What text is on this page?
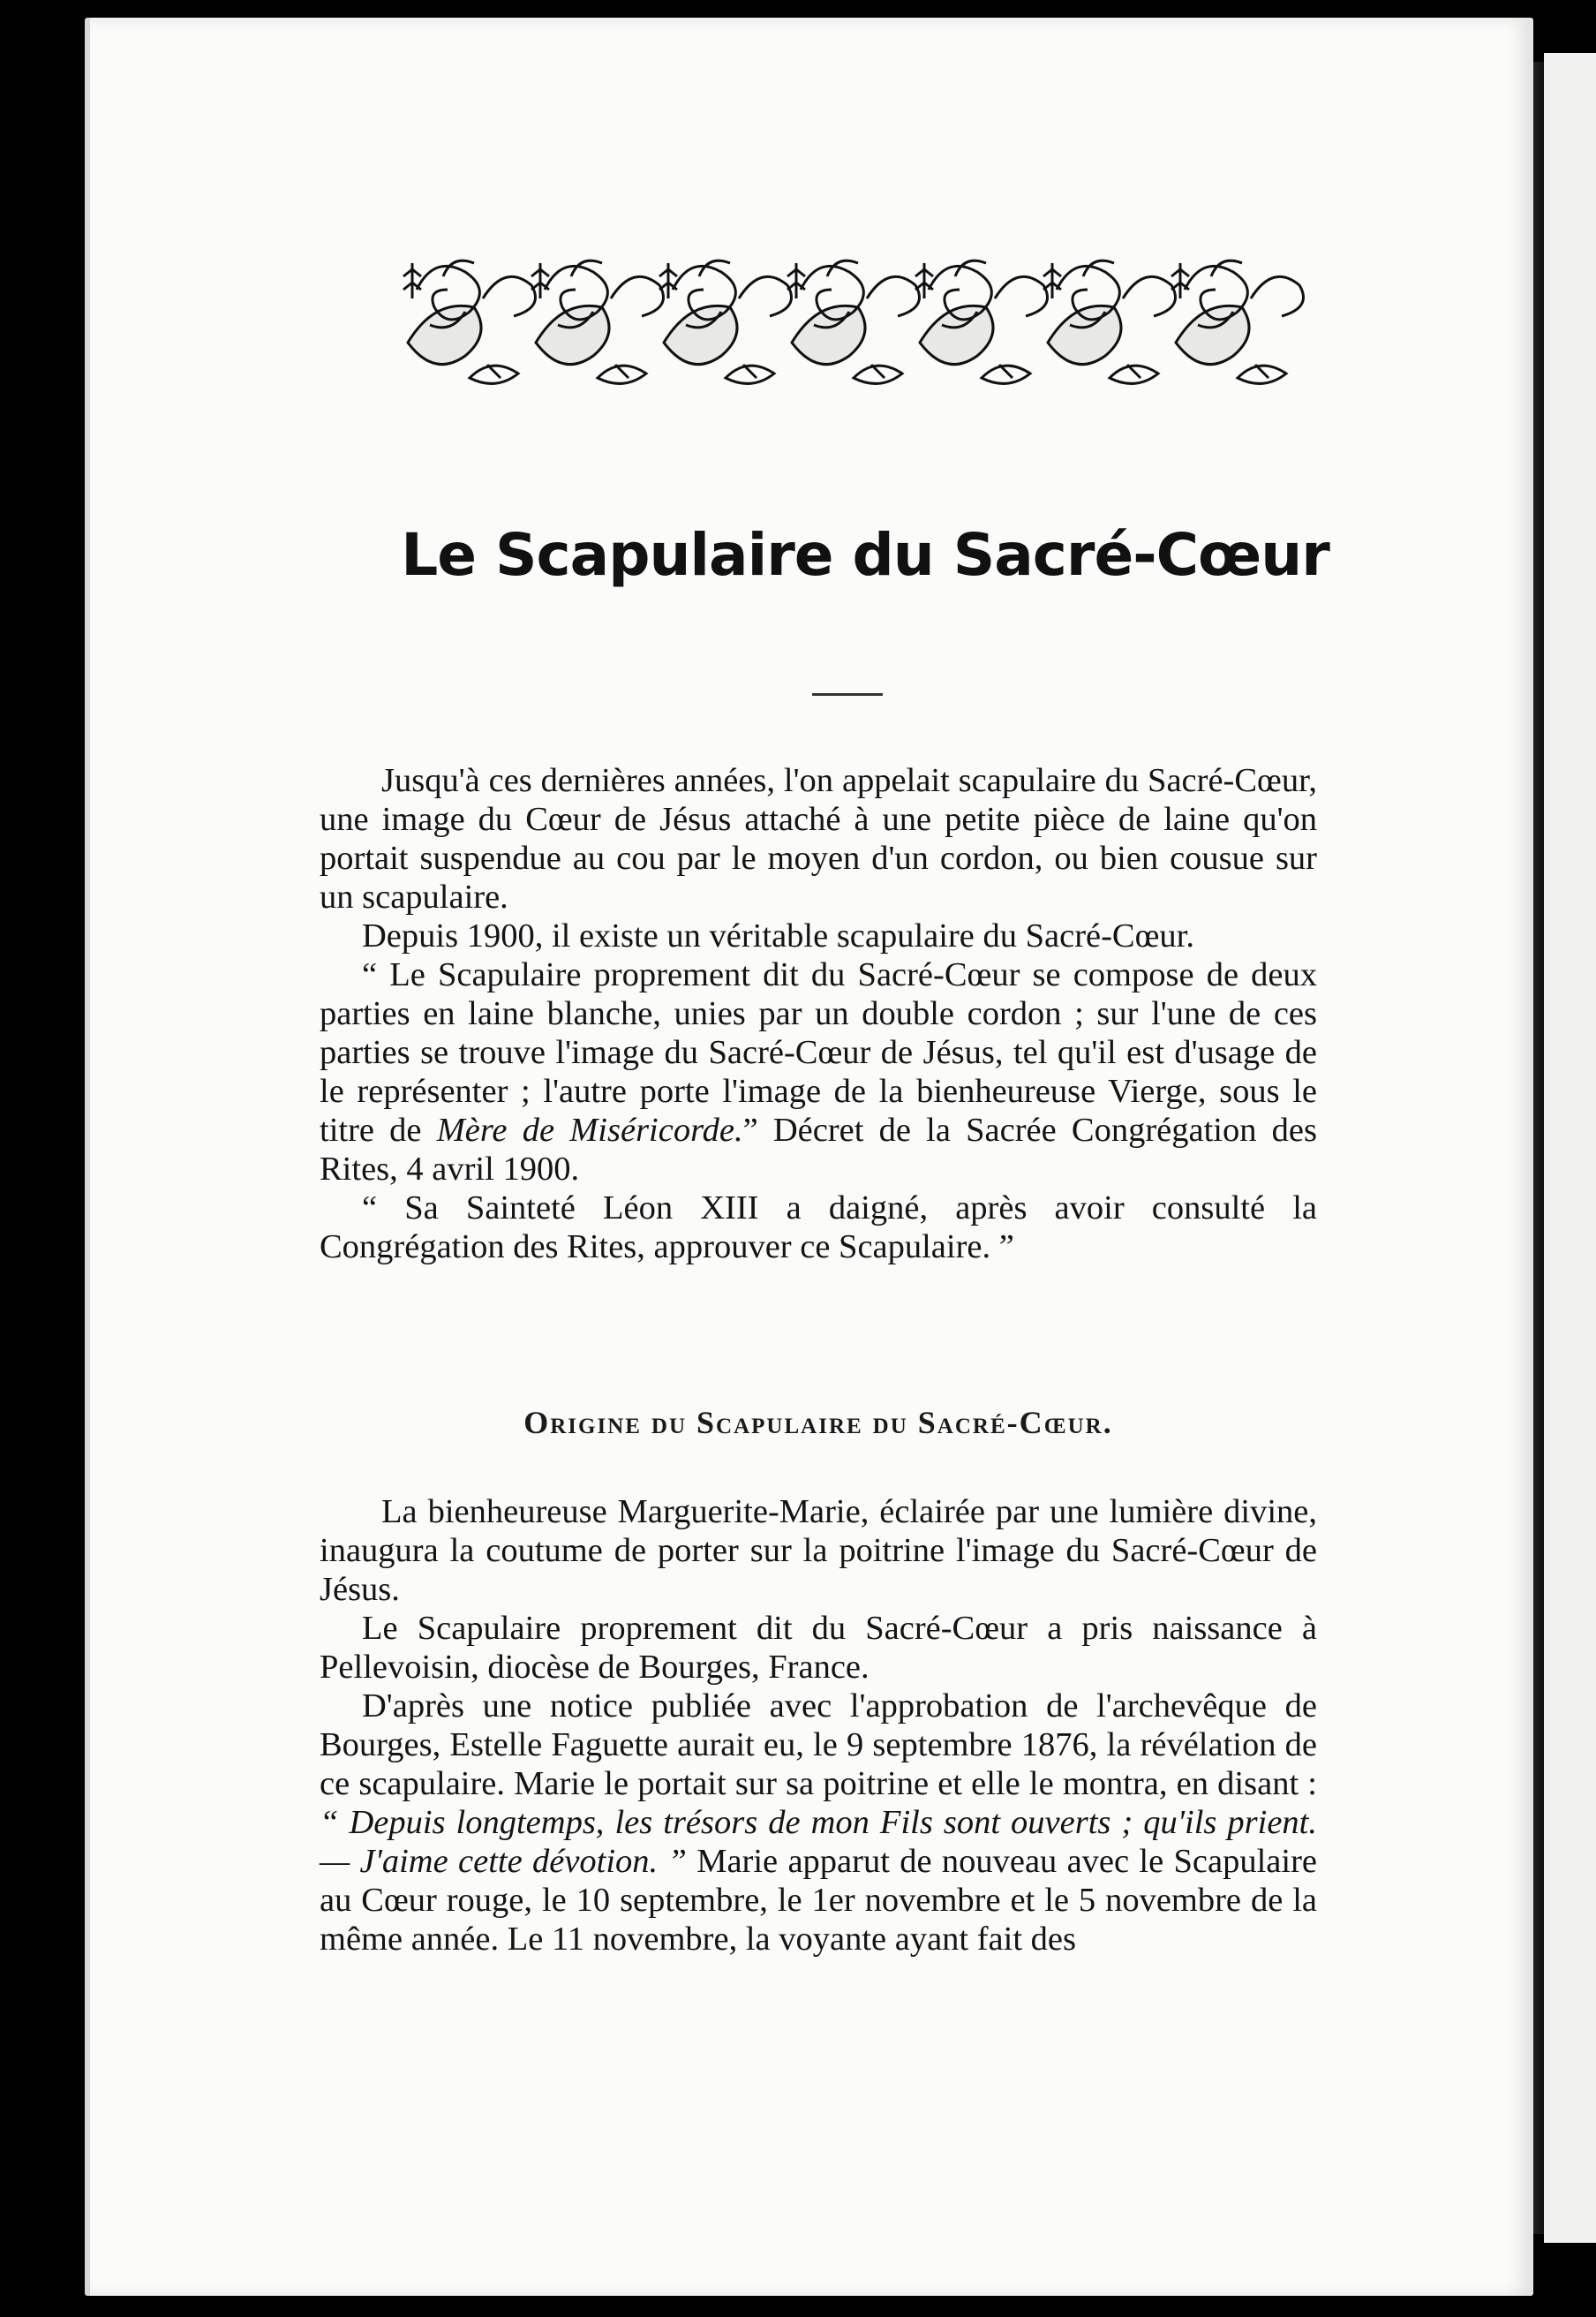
Le Scapulaire du Sacré-Cœur
Jusqu'à ces dernières années, l'on appelait scapulaire du Sacré-Cœur, une image du Cœur de Jésus attaché à une petite pièce de laine qu'on portait suspendue au cou par le moyen d'un cordon, ou bien cousue sur un scapulaire.
Depuis 1900, il existe un véritable scapulaire du Sacré-Cœur.
“ Le Scapulaire proprement dit du Sacré-Cœur se compose de deux parties en laine blanche, unies par un double cordon ; sur l'une de ces parties se trouve l'image du Sacré-Cœur de Jésus, tel qu'il est d'usage de le représenter ; l'autre porte l'image de la bienheureuse Vierge, sous le titre de Mère de Miséricorde.” Décret de la Sacrée Congrégation des Rites, 4 avril 1900.
“ Sa Sainteté Léon XIII a daigné, après avoir consulté la Congrégation des Rites, approuver ce Scapulaire. ”
Origine du Scapulaire du Sacré-Cœur.
La bienheureuse Marguerite-Marie, éclairée par une lumière divine, inaugura la coutume de porter sur la poitrine l'image du Sacré-Cœur de Jésus.
Le Scapulaire proprement dit du Sacré-Cœur a pris naissance à Pellevoisin, diocèse de Bourges, France.
D'après une notice publiée avec l'approbation de l'archevêque de Bourges, Estelle Faguette aurait eu, le 9 septembre 1876, la révélation de ce scapulaire. Marie le portait sur sa poitrine et elle le montra, en disant : “ Depuis longtemps, les trésors de mon Fils sont ouverts ; qu'ils prient. — J'aime cette dévotion. ” Marie apparut de nouveau avec le Scapulaire au Cœur rouge, le 10 septembre, le 1er novembre et le 5 novembre de la même année. Le 11 novembre, la voyante ayant fait des
